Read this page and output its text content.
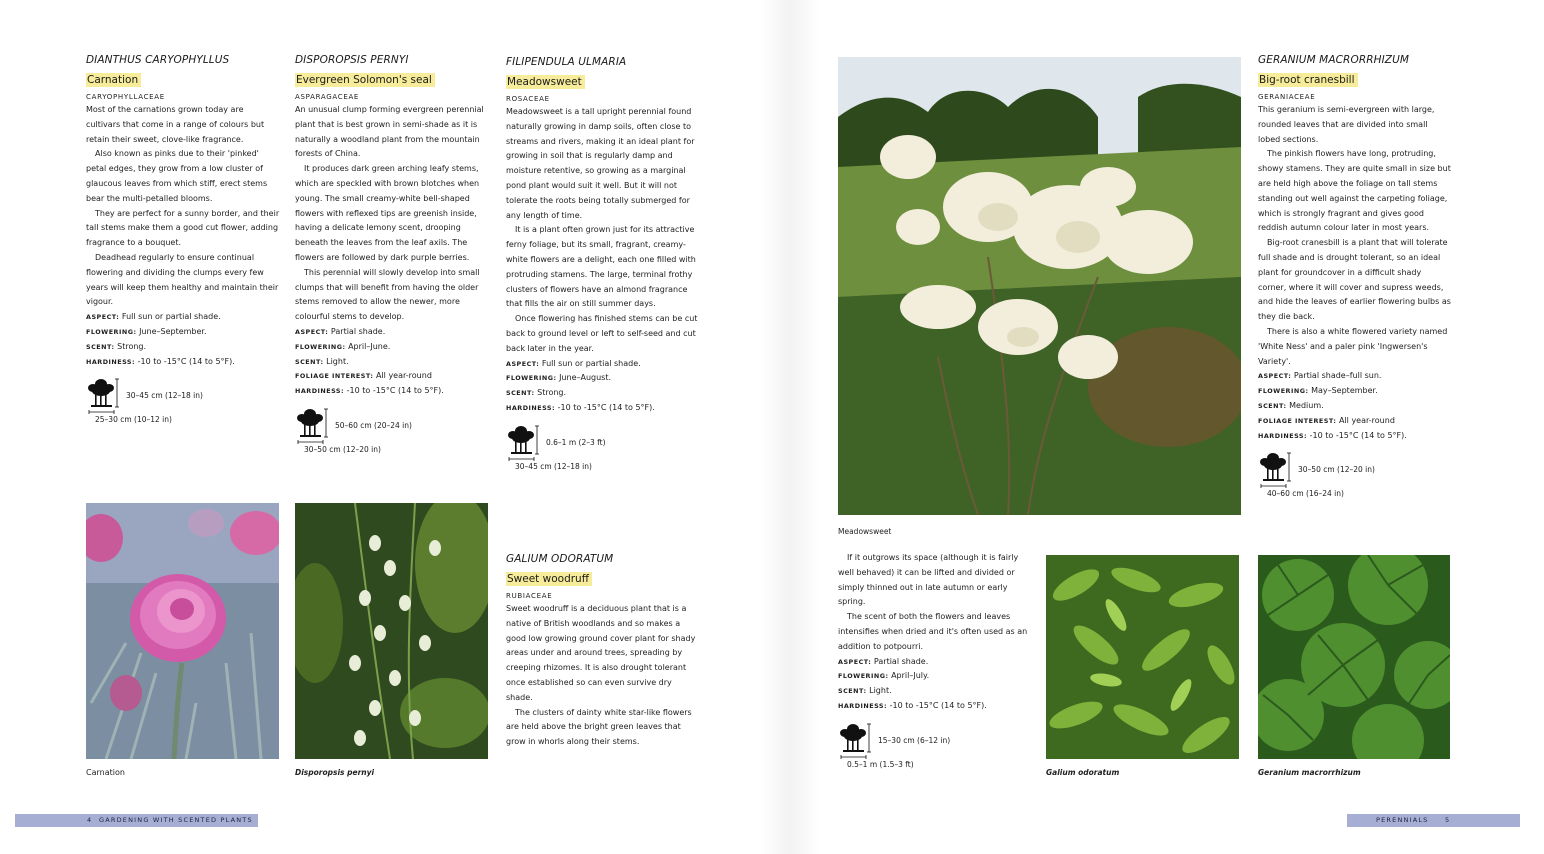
DIANTHUS CARYOPHYLLUS
Carnation
CARYOPHYLLACEAE

Most of the carnations grown today are cultivars that come in a range of colours but retain their sweet, clove-like fragrance.

Also known as pinks due to their 'pinked' petal edges, they grow from a low cluster of glaucous leaves from which stiff, erect stems bear the multi-petalled blooms.

They are perfect for a sunny border, and their tall stems make them a good cut flower, adding fragrance to a bouquet.

Deadhead regularly to ensure continual flowering and dividing the clumps every few years will keep them healthy and maintain their vigour.

ASPECT: Full sun or partial shade.
FLOWERING: June–September.
SCENT: Strong.
HARDINESS: -10 to -15°C (14 to 5°F).
30–45 cm (12–18 in)
25–30 cm (10–12 in)
DISPOROPSIS PERNYI
Evergreen Solomon's seal
ASPARAGACEAE

An unusual clump forming evergreen perennial plant that is best grown in semi-shade as it is naturally a woodland plant from the mountain forests of China.

It produces dark green arching leafy stems, which are speckled with brown blotches when young. The small creamy-white bell-shaped flowers with reflexed tips are greenish inside, having a delicate lemony scent, drooping beneath the leaves from the leaf axils. The flowers are followed by dark purple berries.

This perennial will slowly develop into small clumps that will benefit from having the older stems removed to allow the newer, more colourful stems to develop.

ASPECT: Partial shade.
FLOWERING: April–June.
SCENT: Light.
FOLIAGE INTEREST: All year-round
HARDINESS: -10 to -15°C (14 to 5°F).
50–60 cm (20–24 in)
30–50 cm (12–20 in)
FILIPENDULA ULMARIA
Meadowsweet
ROSACEAE

Meadowsweet is a tall upright perennial found naturally growing in damp soils, often close to streams and rivers, making it an ideal plant for growing in soil that is regularly damp and moisture retentive, so growing as a marginal pond plant would suit it well. But it will not tolerate the roots being totally submerged for any length of time.

It is a plant often grown just for its attractive ferny foliage, but its small, fragrant, creamy-white flowers are a delight, each one filled with protruding stamens. The large, terminal frothy clusters of flowers have an almond fragrance that fills the air on still summer days.

Once flowering has finished stems can be cut back to ground level or left to self-seed and cut back later in the year.

ASPECT: Full sun or partial shade.
FLOWERING: June–August.
SCENT: Strong.
HARDINESS: -10 to -15°C (14 to 5°F).
0.6–1 m (2–3 ft)
30–45 cm (12–18 in)
GALIUM ODORATUM
Sweet woodruff
RUBIACEAE

Sweet woodruff is a deciduous plant that is a native of British woodlands and so makes a good low growing ground cover plant for shady areas under and around trees, spreading by creeping rhizomes. It is also drought tolerant once established so can even survive dry shade.

The clusters of dainty white star-like flowers are held above the bright green leaves that grow in whorls along their stems.

Carnation	Disporopsis pernyi
Meadowsweet

If it outgrows its space (although it is fairly well behaved) it can be lifted and divided or simply thinned out in late autumn or early spring.

The scent of both the flowers and leaves intensifies when dried and it's often used as an addition to potpourri.

ASPECT: Partial shade.
FLOWERING: April–July.
SCENT: Light.
HARDINESS: -10 to -15°C (14 to 5°F).
15–30 cm (6–12 in)
0.5–1 m (1.5–3 ft)
GERANIUM MACRORRHIZUM
Big-root cranesbill
GERANIACEAE

This geranium is semi-evergreen with large, rounded leaves that are divided into small lobed sections.

The pinkish flowers have long, protruding, showy stamens. They are quite small in size but are held high above the foliage on tall stems standing out well against the carpeting foliage, which is strongly fragrant and gives good reddish autumn colour later in most years.

Big-root cranesbill is a plant that will tolerate full shade and is drought tolerant, so an ideal plant for groundcover in a difficult shady corner, where it will cover and supress weeds, and hide the leaves of earlier flowering bulbs as they die back.

There is also a white flowered variety named 'White Ness' and a paler pink 'Ingwersen's Variety'.

ASPECT: Partial shade–full sun.
FLOWERING: May–September.
SCENT: Medium.
FOLIAGE INTEREST: All year-round
HARDINESS: -10 to -15°C (14 to 5°F).
30–50 cm (12–20 in)
40–60 cm (16–24 in)
Galium odoratum	Geranium macrorrhizum
4 GARDENING WITH SCENTED PLANTS	PERENNIALS	5
